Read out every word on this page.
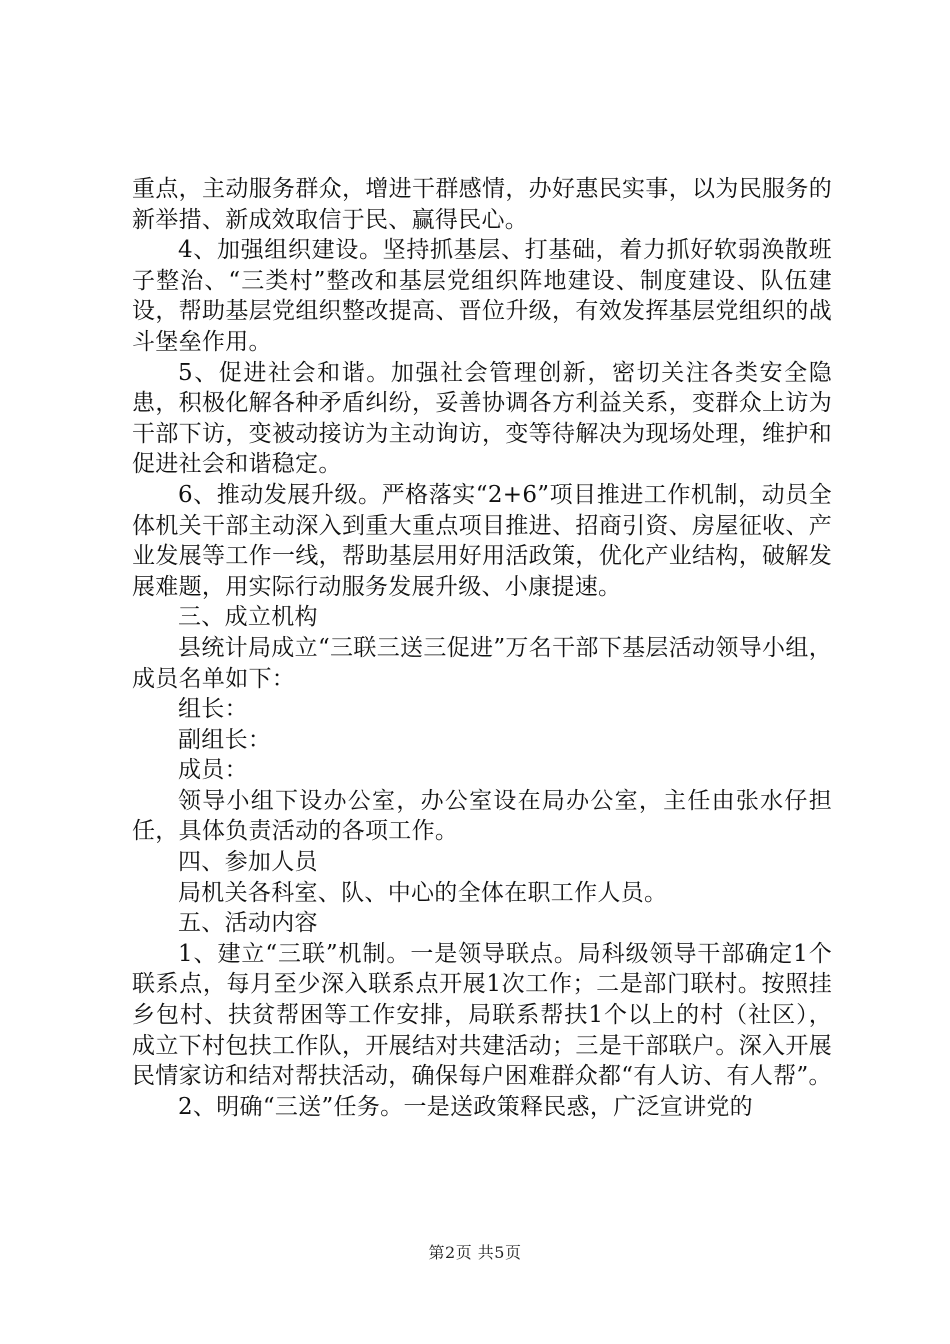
重点，主动服务群众，增进干群感情，办好惠民实事，以为民服务的新举措、新成效取信于民、赢得民心。

4、加强组织建设。坚持抓基层、打基础，着力抓好软弱涣散班子整治、“三类村”整改和基层党组织阵地建设、制度建设、队伍建设，帮助基层党组织整改提高、晋位升级，有效发挥基层党组织的战斗堡垒作用。

5、促进社会和谐。加强社会管理创新，密切关注各类安全隐患，积极化解各种矛盾纠纷，妥善协调各方利益关系，变群众上访为干部下访，变被动接访为主动询访，变等待解决为现场处理，维护和促进社会和谐稳定。

6、推动发展升级。严格落实“2+6”项目推进工作机制，动员全体机关干部主动深入到重大重点项目推进、招商引资、房屋征收、产业发展等工作一线，帮助基层用好用活政策，优化产业结构，破解发展难题，用实际行动服务发展升级、小康提速。

三、成立机构

县统计局成立“三联三送三促进”万名干部下基层活动领导小组，成员名单如下：

组长：

副组长：

成员：

领导小组下设办公室，办公室设在局办公室，主任由张水仔担任，具体负责活动的各项工作。

四、参加人员

局机关各科室、队、中心的全体在职工作人员。

五、活动内容

1、建立“三联”机制。一是领导联点。局科级领导干部确定1个联系点，每月至少深入联系点开展1次工作；二是部门联村。按照挂乡包村、扶贫帮困等工作安排，局联系帮扶1个以上的村（社区），成立下村包扶工作队，开展结对共建活动；三是干部联户。深入开展民情家访和结对帮扶活动，确保每户困难群众都“有人访、有人帮”。

2、明确“三送”任务。一是送政策释民惑，广泛宣讲党的

第2页 共5页
